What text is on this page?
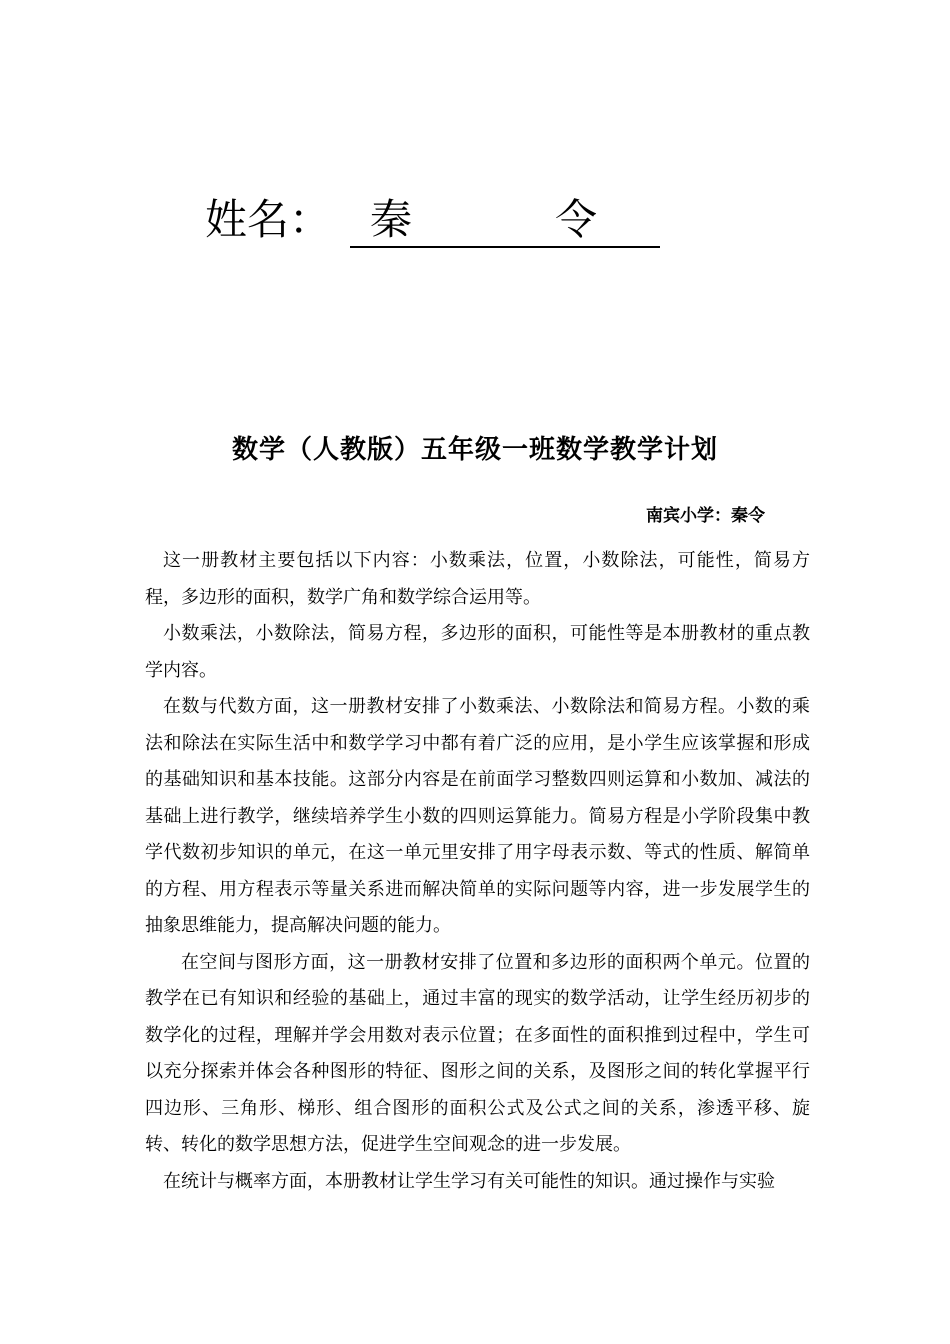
姓名： 秦	令
数学（人教版）五年级一班数学教学计划
南宾小学：秦令

这一册教材主要包括以下内容：小数乘法，位置，小数除法，可能性，简易方程，多边形的面积，数学广角和数学综合运用等。

小数乘法，小数除法，简易方程，多边形的面积，可能性等是本册教材的重点教学内容。

在数与代数方面，这一册教材安排了小数乘法、小数除法和简易方程。小数的乘法和除法在实际生活中和数学学习中都有着广泛的应用，是小学生应该掌握和形成的基础知识和基本技能。这部分内容是在前面学习整数四则运算和小数加、减法的基础上进行教学，继续培养学生小数的四则运算能力。简易方程是小学阶段集中教学代数初步知识的单元，在这一单元里安排了用字母表示数、等式的性质、解简单的方程、用方程表示等量关系进而解决简单的实际问题等内容，进一步发展学生的抽象思维能力，提高解决问题的能力。

在空间与图形方面，这一册教材安排了位置和多边形的面积两个单元。位置的教学在已有知识和经验的基础上，通过丰富的现实的数学活动，让学生经历初步的数学化的过程，理解并学会用数对表示位置；在多面性的面积推到过程中，学生可以充分探索并体会各种图形的特征、图形之间的关系，及图形之间的转化掌握平行四边形、三角形、梯形、组合图形的面积公式及公式之间的关系，渗透平移、旋转、转化的数学思想方法，促进学生空间观念的进一步发展。

在统计与概率方面，本册教材让学生学习有关可能性的知识。通过操作与实验
